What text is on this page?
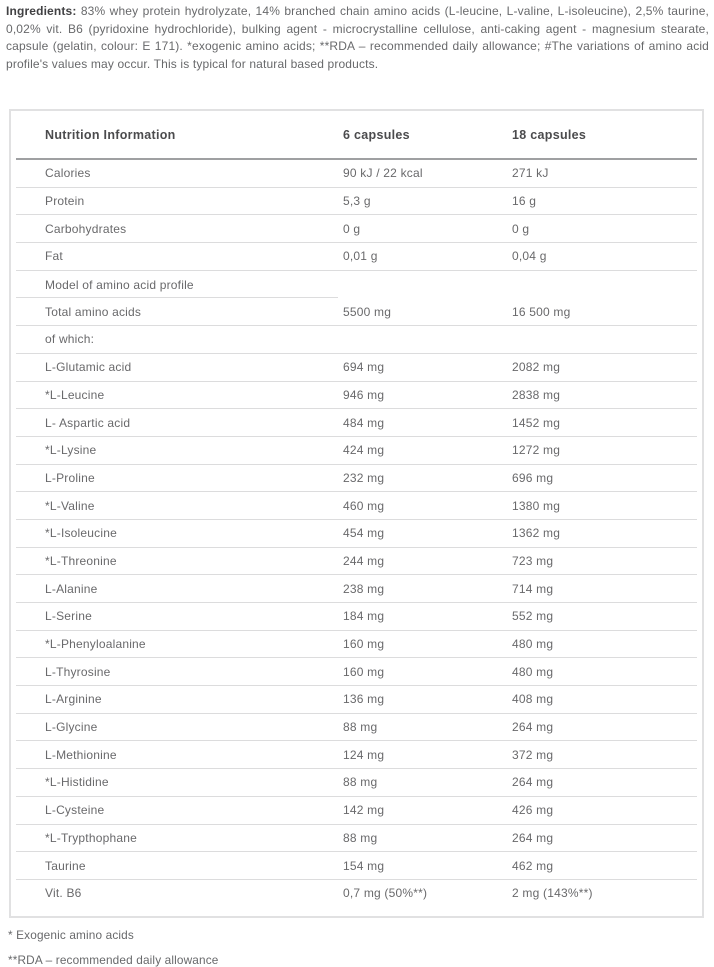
Ingredients: 83% whey protein hydrolyzate, 14% branched chain amino acids (L-leucine, L-valine, L-isoleucine), 2,5% taurine, 0,02% vit. B6 (pyridoxine hydrochloride), bulking agent - microcrystalline cellulose, anti-caking agent - magnesium stearate, capsule (gelatin, colour: E 171). *exogenic amino acids; **RDA – recommended daily allowance; #The variations of amino acid profile's values may occur. This is typical for natural based products.

Nutrition Information	6 capsules	18 capsules
Calories	90 kJ / 22 kcal	271 kJ
Protein	5,3 g	16 g
Carbohydrates	0 g	0 g
Fat	0,01 g	0,04 g
Model of amino acid profile
Total amino acids	5500 mg	16 500 mg
of which:
L-Glutamic acid	694 mg	2082 mg
*L-Leucine	946 mg	2838 mg
L- Aspartic acid	484 mg	1452 mg
*L-Lysine	424 mg	1272 mg
L-Proline	232 mg	696 mg
*L-Valine	460 mg	1380 mg
*L-Isoleucine	454 mg	1362 mg
*L-Threonine	244 mg	723 mg
L-Alanine	238 mg	714 mg
L-Serine	184 mg	552 mg
*L-Phenyloalanine	160 mg	480 mg
L-Thyrosine	160 mg	480 mg
L-Arginine	136 mg	408 mg
L-Glycine	88 mg	264 mg
L-Methionine	124 mg	372 mg
*L-Histidine	88 mg	264 mg
L-Cysteine	142 mg	426 mg
*L-Trypthophane	88 mg	264 mg
Taurine	154 mg	462 mg
Vit. B6	0,7 mg (50%**)	2 mg (143%**)

* Exogenic amino acids

**RDA – recommended daily allowance
